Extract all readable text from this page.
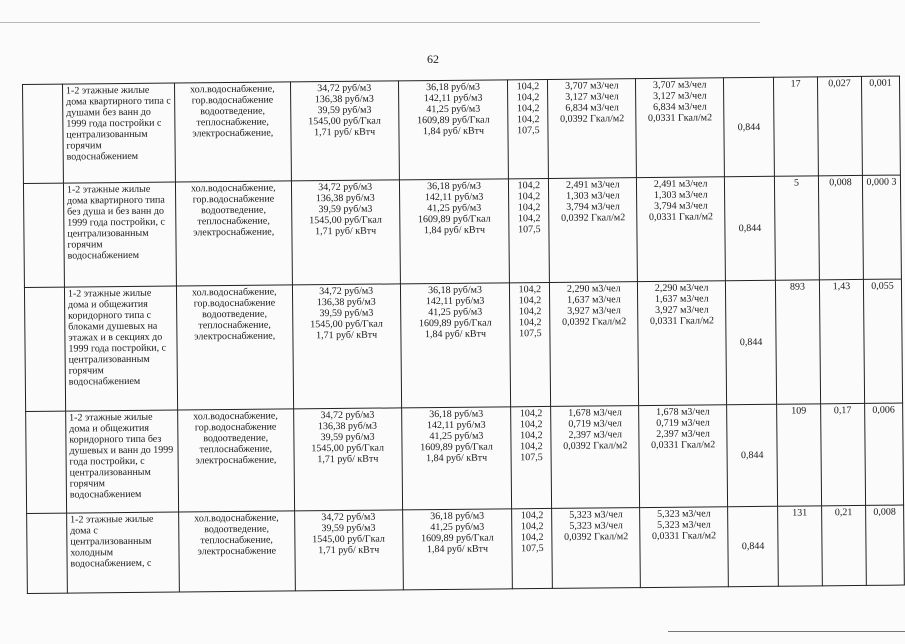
62
	1-2 этажные жилые дома квартирного типа с душами без ванн до 1999 года постройки с централизованным горячим водоснабжением	хол.водоснабжение,
гор.водоснабжение
водоотведение,
теплоснабжение,
электроснабжение,	34,72 руб/м3
136,38 руб/м3
39,59 руб/м3
1545,00 руб/Гкал
1,71 руб/ кВтч	36,18 руб/м3
142,11 руб/м3
41,25 руб/м3
1609,89 руб/Гкал
1,84 руб/ кВтч	104,2
104,2
104,2
104,2
107,5	3,707 м3/чел
3,127 м3/чел
6,834 м3/чел
0,0392 Гкал/м2	3,707 м3/чел
3,127 м3/чел
6,834 м3/чел
0,0331 Гкал/м2	0,844	17	0,027	0,001
	1-2 этажные жилые дома квартирного типа без душа и без ванн до 1999 года постройки, с централизованным горячим водоснабжением	хол.водоснабжение,
гор.водоснабжение
водоотведение,
теплоснабжение,
электроснабжение,	34,72 руб/м3
136,38 руб/м3
39,59 руб/м3
1545,00 руб/Гкал
1,71 руб/ кВтч	36,18 руб/м3
142,11 руб/м3
41,25 руб/м3
1609,89 руб/Гкал
1,84 руб/ кВтч	104,2
104,2
104,2
104,2
107,5	2,491 м3/чел
1,303 м3/чел
3,794 м3/чел
0,0392 Гкал/м2	2,491 м3/чел
1,303 м3/чел
3,794 м3/чел
0,0331 Гкал/м2	0,844	5	0,008	0,000 3
	1-2 этажные жилые дома и общежития коридорного типа с блоками душевых на этажах и в секциях до 1999 года постройки, с централизованным горячим водоснабжением	хол.водоснабжение,
гор.водоснабжение
водоотведение,
теплоснабжение,
электроснабжение,	34,72 руб/м3
136,38 руб/м3
39,59 руб/м3
1545,00 руб/Гкал
1,71 руб/ кВтч	36,18 руб/м3
142,11 руб/м3
41,25 руб/м3
1609,89 руб/Гкал
1,84 руб/ кВтч	104,2
104,2
104,2
104,2
107,5	2,290 м3/чел
1,637 м3/чел
3,927 м3/чел
0,0392 Гкал/м2	2,290 м3/чел
1,637 м3/чел
3,927 м3/чел
0,0331 Гкал/м2	0,844	893	1,43	0,055
	1-2 этажные жилые дома и общежития коридорного типа без душевых и ванн до 1999 года постройки, с централизованным горячим водоснабжением	хол.водоснабжение,
гор.водоснабжение
водоотведение,
теплоснабжение,
электроснабжение,	34,72 руб/м3
136,38 руб/м3
39,59 руб/м3
1545,00 руб/Гкал
1,71 руб/ кВтч	36,18 руб/м3
142,11 руб/м3
41,25 руб/м3
1609,89 руб/Гкал
1,84 руб/ кВтч	104,2
104,2
104,2
104,2
107,5	1,678 м3/чел
0,719 м3/чел
2,397 м3/чел
0,0392 Гкал/м2	1,678 м3/чел
0,719 м3/чел
2,397 м3/чел
0,0331 Гкал/м2	0,844	109	0,17	0,006
	1-2 этажные жилые дома с централизованным холодным водоснабжением, с	хол.водоснабжение,
водоотведение,
теплоснабжение,
электроснабжение	34,72 руб/м3
39,59 руб/м3
1545,00 руб/Гкал
1,71 руб/ кВтч	36,18 руб/м3
41,25 руб/м3
1609,89 руб/Гкал
1,84 руб/ кВтч	104,2
104,2
104,2
107,5	5,323 м3/чел
5,323 м3/чел
0,0392 Гкал/м2	5,323 м3/чел
5,323 м3/чел
0,0331 Гкал/м2	0,844	131	0,21	0,008
